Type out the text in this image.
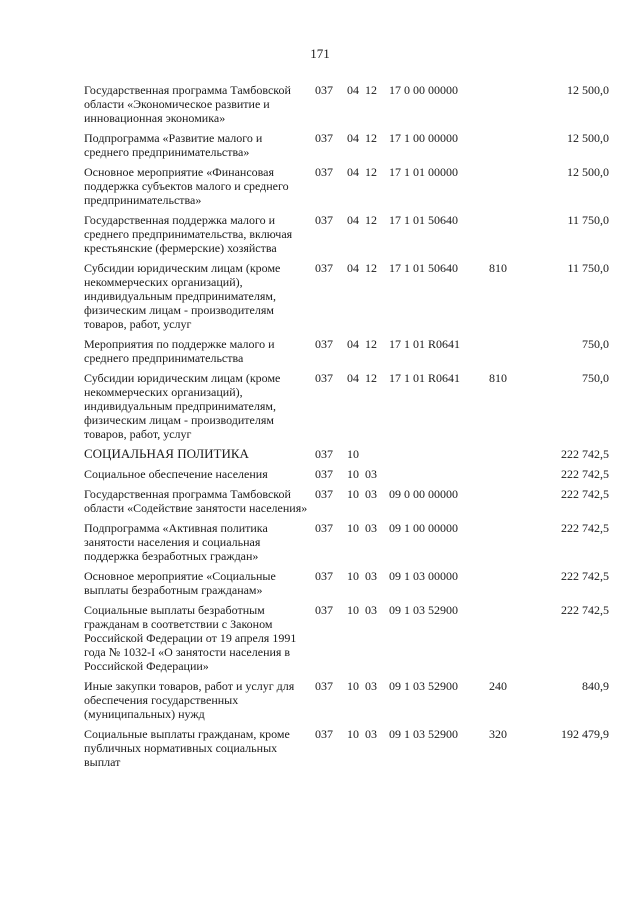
171
Государственная программа Тамбовской области «Экономическое развитие и инновационная экономика»	037	04	12	17 0 00 00000		12 500,0
Подпрограмма «Развитие малого и среднего предпринимательства»	037	04	12	17 1 00 00000		12 500,0
Основное мероприятие «Финансовая поддержка субъектов малого и среднего предпринимательства»	037	04	12	17 1 01 00000		12 500,0
Государственная поддержка малого и среднего предпринимательства, включая крестьянские (фермерские) хозяйства	037	04	12	17 1 01 50640		11 750,0
Субсидии юридическим лицам (кроме некоммерческих организаций), индивидуальным предпринимателям, физическим лицам - производителям товаров, работ, услуг	037	04	12	17 1 01 50640	810	11 750,0
Мероприятия по поддержке малого и среднего предпринимательства	037	04	12	17 1 01 R0641		750,0
Субсидии юридическим лицам (кроме некоммерческих организаций), индивидуальным предпринимателям, физическим лицам - производителям товаров, работ, услуг	037	04	12	17 1 01 R0641	810	750,0
СОЦИАЛЬНАЯ ПОЛИТИКА	037	10				222 742,5
Социальное обеспечение населения	037	10	03			222 742,5
Государственная программа Тамбовской области «Содействие занятости населения»	037	10	03	09 0 00 00000		222 742,5
Подпрограмма «Активная политика занятости населения и социальная поддержка безработных граждан»	037	10	03	09 1 00 00000		222 742,5
Основное мероприятие «Социальные выплаты безработным гражданам»	037	10	03	09 1 03 00000		222 742,5
Социальные выплаты безработным гражданам в соответствии с Законом Российской Федерации от 19 апреля 1991 года № 1032-I «О занятости населения в Российской Федерации»	037	10	03	09 1 03 52900		222 742,5
Иные закупки товаров, работ и услуг для обеспечения государственных (муниципальных) нужд	037	10	03	09 1 03 52900	240	840,9
Социальные выплаты гражданам, кроме публичных нормативных социальных выплат	037	10	03	09 1 03 52900	320	192 479,9
